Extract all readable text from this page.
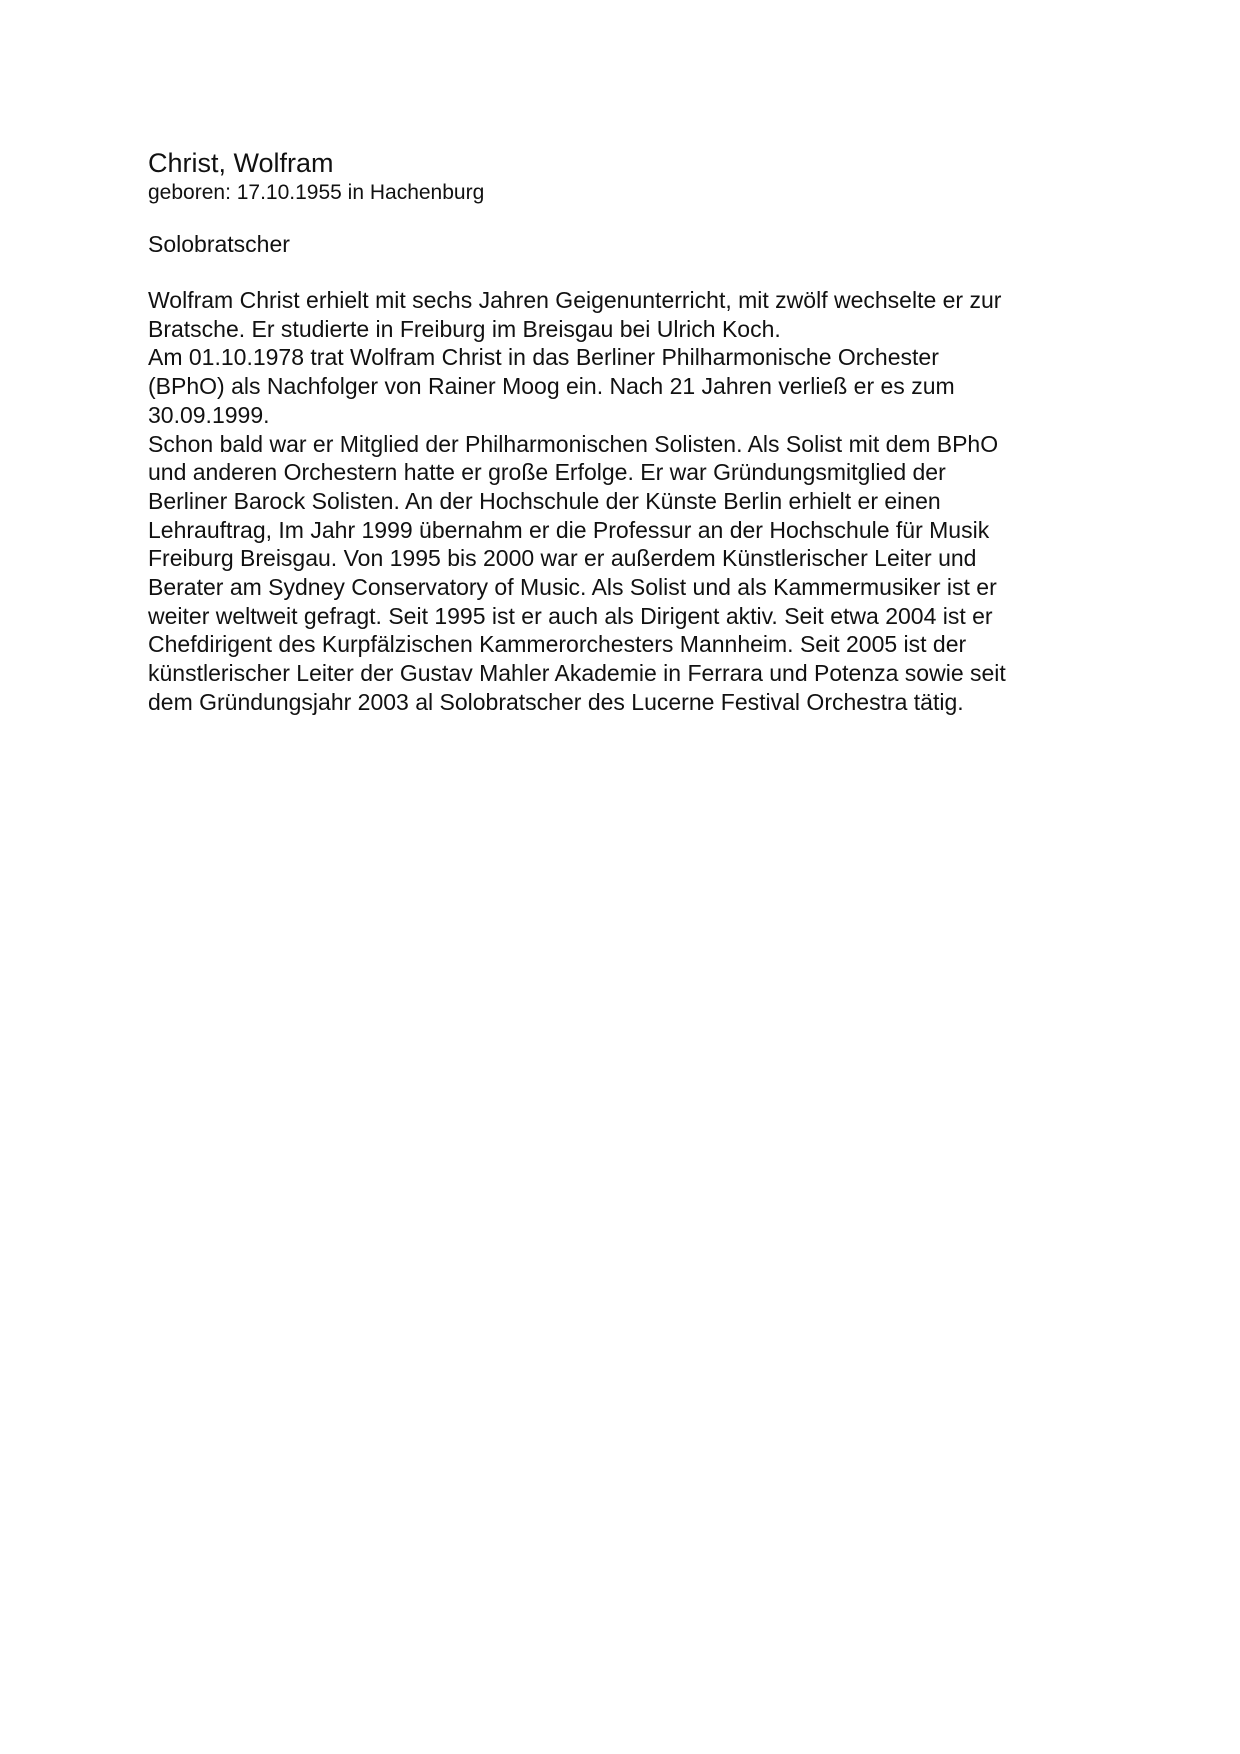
Christ, Wolfram

geboren: 17.10.1955 in Hachenburg

Solobratscher

Wolfram Christ erhielt mit sechs Jahren Geigenunterricht, mit zwölf wechselte er zur
Bratsche. Er studierte in Freiburg im Breisgau bei Ulrich Koch.
Am 01.10.1978 trat Wolfram Christ in das Berliner Philharmonische Orchester
(BPhO) als Nachfolger von Rainer Moog ein. Nach 21 Jahren verließ er es zum
30.09.1999.
Schon bald war er Mitglied der Philharmonischen Solisten. Als Solist mit dem BPhO
und anderen Orchestern hatte er große Erfolge. Er war Gründungsmitglied der
Berliner Barock Solisten. An der Hochschule der Künste Berlin erhielt er einen
Lehrauftrag, Im Jahr 1999 übernahm er die Professur an der Hochschule für Musik
Freiburg Breisgau. Von 1995 bis 2000 war er außerdem Künstlerischer Leiter und
Berater am Sydney Conservatory of Music. Als Solist und als Kammermusiker ist er
weiter weltweit gefragt. Seit 1995 ist er auch als Dirigent aktiv. Seit etwa 2004 ist er
Chefdirigent des Kurpfälzischen Kammerorchesters Mannheim. Seit 2005 ist der
künstlerischer Leiter der Gustav Mahler Akademie in Ferrara und Potenza sowie seit
dem Gründungsjahr 2003 al Solobratscher des Lucerne Festival Orchestra tätig.
